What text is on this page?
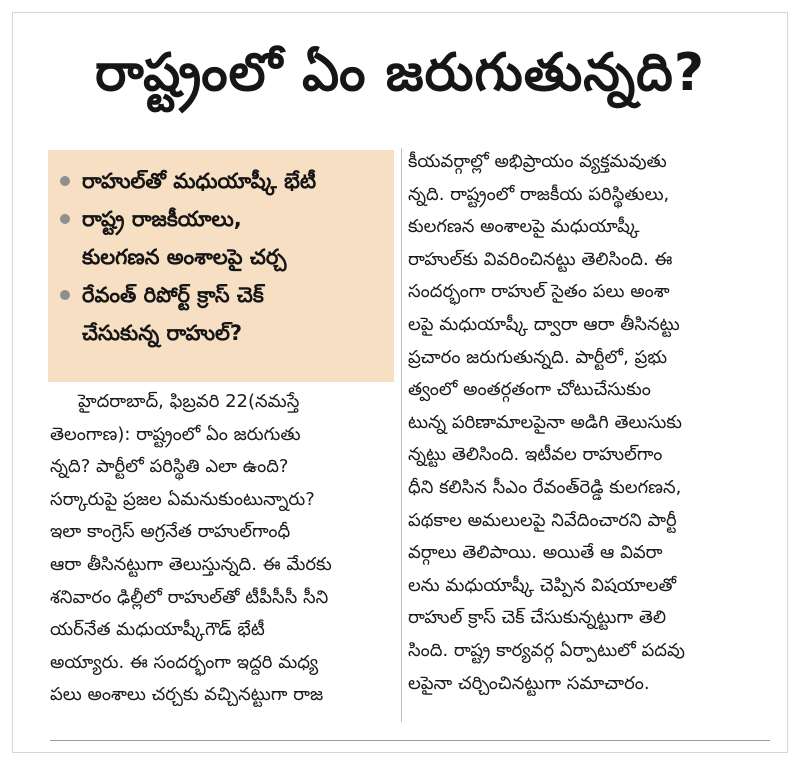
రాష్ట్రంలో ఏం జరుగుతున్నది?
రాహుల్‌తో మధుయాష్కీ భేటీ
రాష్ట్ర రాజకీయాలు,
కులగణన అంశాలపై చర్చ
రేవంత్ రిపోర్ట్ క్రాస్ చెక్
చేసుకున్న రాహుల్?
హైదరాబాద్, ఫిబ్రవరి 22(నమస్తే
తెలంగాణ): రాష్ట్రంలో ఏం జరుగుతు
న్నది? పార్టీలో పరిస్థితి ఎలా ఉంది?
సర్కారుపై ప్రజల ఏమనుకుంటున్నారు?
ఇలా కాంగ్రెస్ అగ్రనేత రాహుల్‌గాంధీ
ఆరా తీసినట్టుగా తెలుస్తున్నది. ఈ మేరకు
శనివారం ఢిల్లీలో రాహుల్‌తో టీపీసీసీ సీని
యర్‌నేత మధుయాష్కీగౌడ్ భేటీ
అయ్యారు. ఈ సందర్భంగా ఇద్దరి మధ్య
పలు అంశాలు చర్చకు వచ్చినట్టుగా రాజ
కీయవర్గాల్లో అభిప్రాయం వ్యక్తమవుతు
న్నది. రాష్ట్రంలో రాజకీయ పరిస్థితులు,
కులగణన అంశాలపై మధుయాష్కీ
రాహుల్‌కు వివరించినట్టు తెలిసింది. ఈ
సందర్భంగా రాహుల్ సైతం పలు అంశా
లపై మధుయాష్కీ ద్వారా ఆరా తీసినట్టు
ప్రచారం జరుగుతున్నది. పార్టీలో, ప్రభు
త్వంలో అంతర్గతంగా చోటుచేసుకుం
టున్న పరిణామాలపైనా అడిగి తెలుసుకు
న్నట్టు తెలిసింది. ఇటీవల రాహుల్‌గాం
ధీని కలిసిన సీఎం రేవంత్‌రెడ్డి కులగణన,
పథకాల అమలులపై నివేదించారని పార్టీ
వర్గాలు తెలిపాయి. అయితే ఆ వివరా
లను మధుయాష్కీ చెప్పిన విషయాలతో
రాహుల్ క్రాస్ చెక్ చేసుకున్నట్టుగా తెలి
సింది. రాష్ట్ర కార్యవర్గ ఏర్పాటులో పదవు
లపైనా చర్చించినట్టుగా సమాచారం.
